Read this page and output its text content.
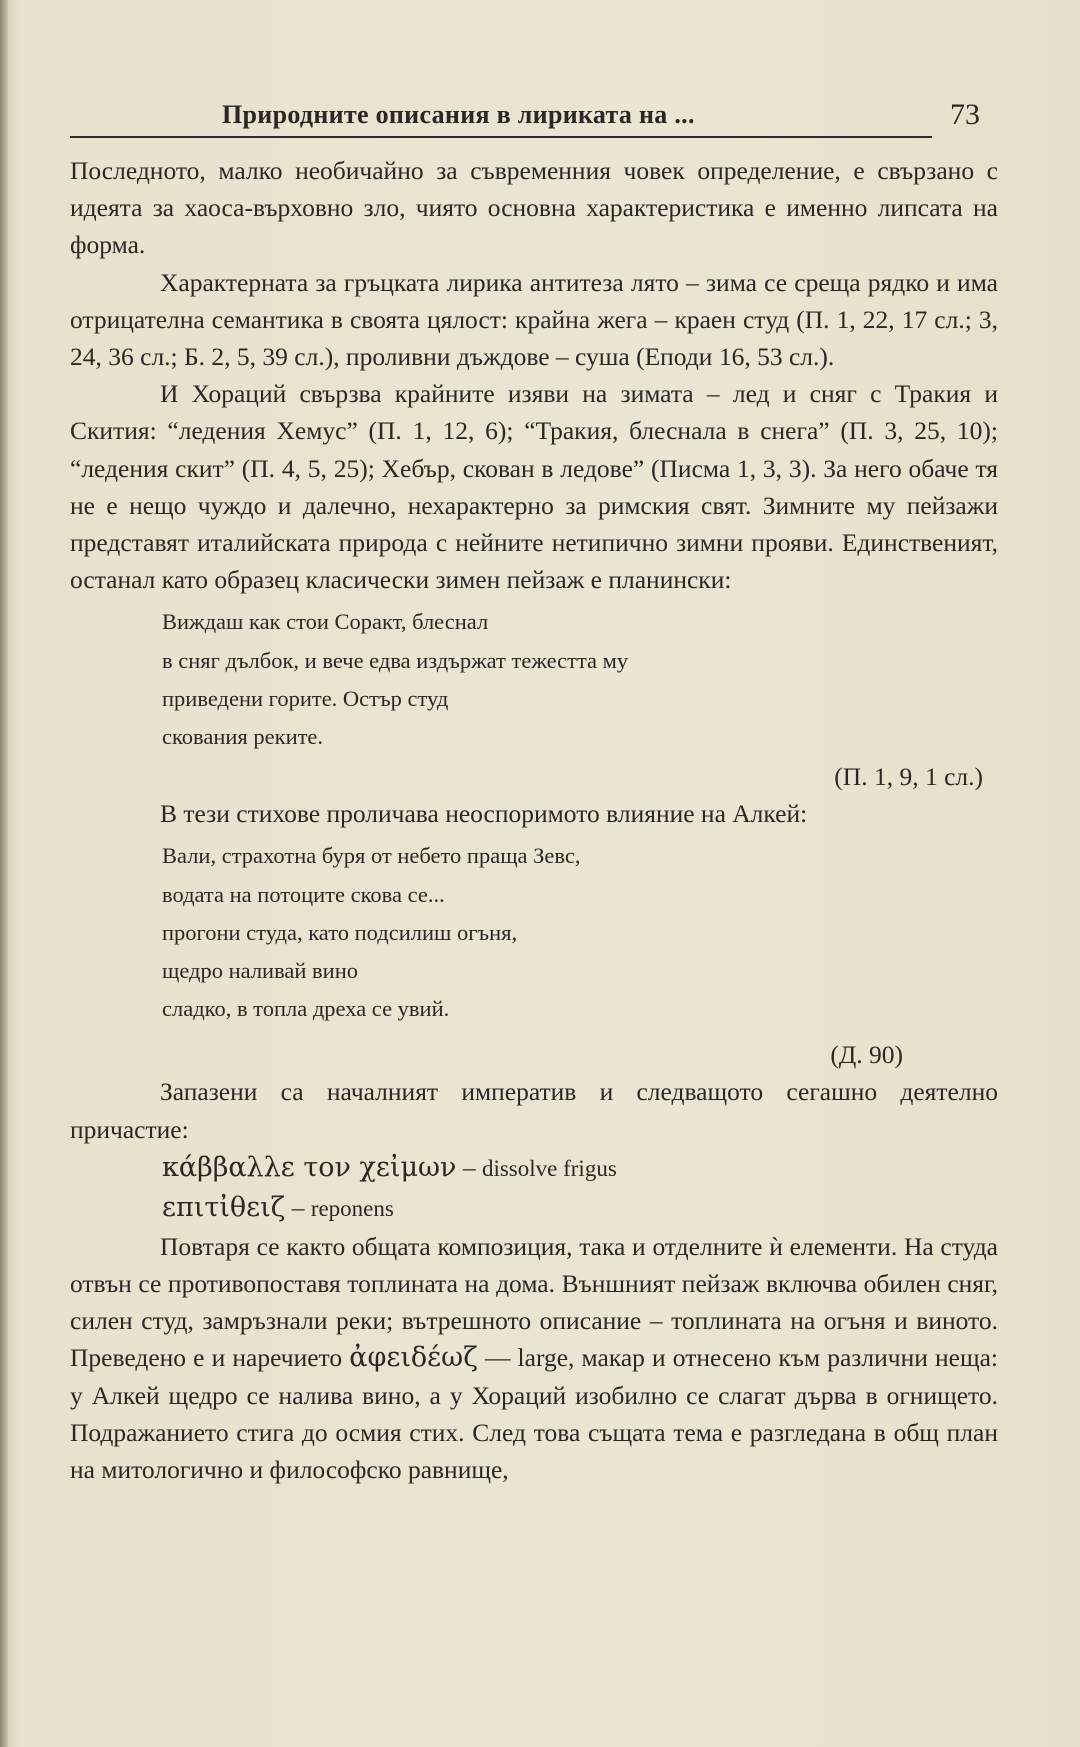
Природните описания в лириката на ...	73

Последното, малко необичайно за съвременния човек определение, е свързано с идеята за хаоса-върховно зло, чиято основна характеристика е именно липсата на форма.

Характерната за гръцката лирика антитеза лято – зима се среща рядко и има отрицателна семантика в своята цялост: крайна жега – краен студ (П. 1, 22, 17 сл.; 3, 24, 36 сл.; Б. 2, 5, 39 сл.), проливни дъждове – суша (Еподи 16, 53 сл.).

И Хораций свързва крайните изяви на зимата – лед и сняг с Тракия и Скития: “ледения Хемус” (П. 1, 12, 6); “Тракия, блеснала в снега” (П. 3, 25, 10); “ледения скит” (П. 4, 5, 25); Хебър, скован в ледове” (Писма 1, 3, 3). За него обаче тя не е нещо чуждо и далечно, нехарактерно за римския свят. Зимните му пейзажи представят италийската природа с нейните нетипично зимни прояви. Единственият, останал като образец класически зимен пейзаж е планински:

Виждаш как стои Соракт, блеснал
в сняг дълбок, и вече едва издържат тежестта му
приведени горите. Остър студ
скования рекитe.
(П. 1, 9, 1 сл.)

В тези стихове проличава неоспоримото влияние на Алкей:

Вали, страхотна буря от небето праща Зевс,
водата на потоците скова се...
прогони студа, като подсилиш огъня,
щедро наливай вино
сладко, в топла дреха се увий.
(Д. 90)

Запазени са началният императив и следващото сегашно деятелно причастие:

κάββαλλε τον χεἰμων – dissolve frigus
επιτἰθειζ – reponens

Повтаря се както общата композиция, така и отделните ѝ елементи. На студа отвън се противопоставя топлината на дома. Външният пейзаж включва обилен сняг, силен студ, замръзнали реки; вътрешното описание – топлината на огъня и виното. Преведено е и наречието ἀφειδέωζ — large, макар и отнесено към различни неща: у Алкей щедро се налива вино, а у Хораций изобилно се слагат дърва в огнището. Подражанието стига до осмия стих. След това същата тема е разгледана в общ план на митологично и философско равнище,
